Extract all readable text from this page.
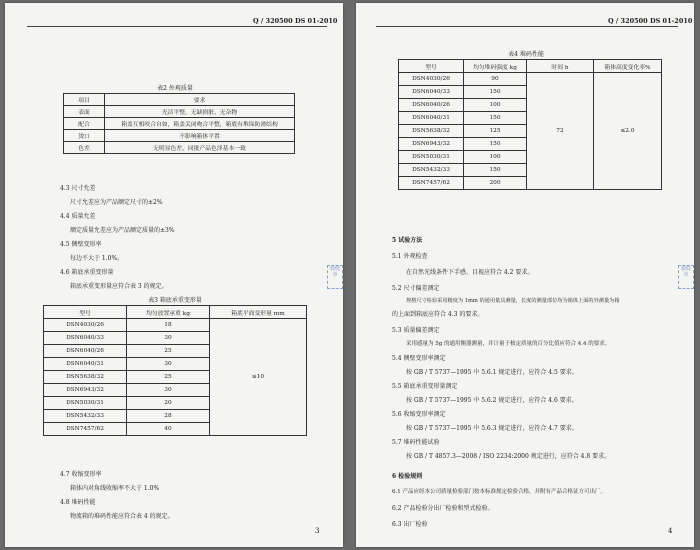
Q / 320500 DS 01-2010
表2 外观质量
项目	要求
表面	光洁平整，无缺损脏、无杂物
配合	箱盖互相咬合自如，箱盖关闭吻合平整，箱底有堆垛防滑结构
烫口	不影响箱体平置
色差	无明显色差，同批产品色泽基本一致
4.3 尺寸允差
尺寸允差应为产品额定尺寸的±2%
4.4 质量允差
额定质量允差应为产品额定质量的±3%
4.5 侧壁变形率
每边不大于 1.0%。
4.6 箱底承重变形量
箱底承重变形量应符合表 3 的规定。
表3 箱底承重变形量
型号	均匀放置承重 kg	箱底平面变形量 mm
DSN4030/26	18	≤10
DSN6040/33	30	
DSN6040/26	25	
DSN6040/31	30	
DSN5638/32	25	
DSN6943/32	30	
DSN5030/31	20	
DSN5432/33	28	
DSN7457/62	40	
4.7 收缩变形率
箱体内对角线收缩率不大于 1.0%
4.8 堆码性能
物流箱的堆码性能应符合表 4 的规定。
3
骑缝章
Q / 320500 DS 01-2010
表4 堆码性能
型号	均匀堆码强度 kg	时间 h	箱体高度变化率%
DSN4030/26	90	72	≤2.0
DSN6040/33	150		
DSN6040/26	100		
DSN6040/31	150		
DSN5638/32	125		
DSN6943/32	150		
DSN5030/31	100		
DSN5432/33	150		
DSN7457/62	200		
5 试验方法
5.1 外观检查
在自然光线条件下手感、目视应符合 4.2 要求。
5.2 尺寸偏差测定
规格尺寸检验采用精度为 1mm 的通用量具测量，长度的测量部位均为箱体上面的外测量为箱
的上面到箱底应符合 4.3 的要求。
5.3 质量偏差测定
采用感量为 5g 的通用衡器测量，并计量于核定质量的百分比值应符合 4.4 的要求。
5.4 侧壁变形率测定
按 GB / T 5737—1995 中 5.6.1 规定进行，应符合 4.5 要求。
5.5 箱底承重变形量测定
按 GB / T 5737—1995 中 5.6.2 规定进行，应符合 4.6 要求。
5.6 收缩变形率测定
按 GB / T 5737—1995 中 5.6.3 规定进行，应符合 4.7 要求。
5.7 堆码性能试验
按 GB / T 4857.3—2008 / ISO 2234:2000 规定进行，应符合 4.8 要求。
6 检验规则
6.1 产品应经本公司质量检验部门按本标准规定检验合格，并附有产品合格证方可出厂。
6.2 产品检验分出厂检验和型式检验。
6.3 出厂检验
4
骑缝章
